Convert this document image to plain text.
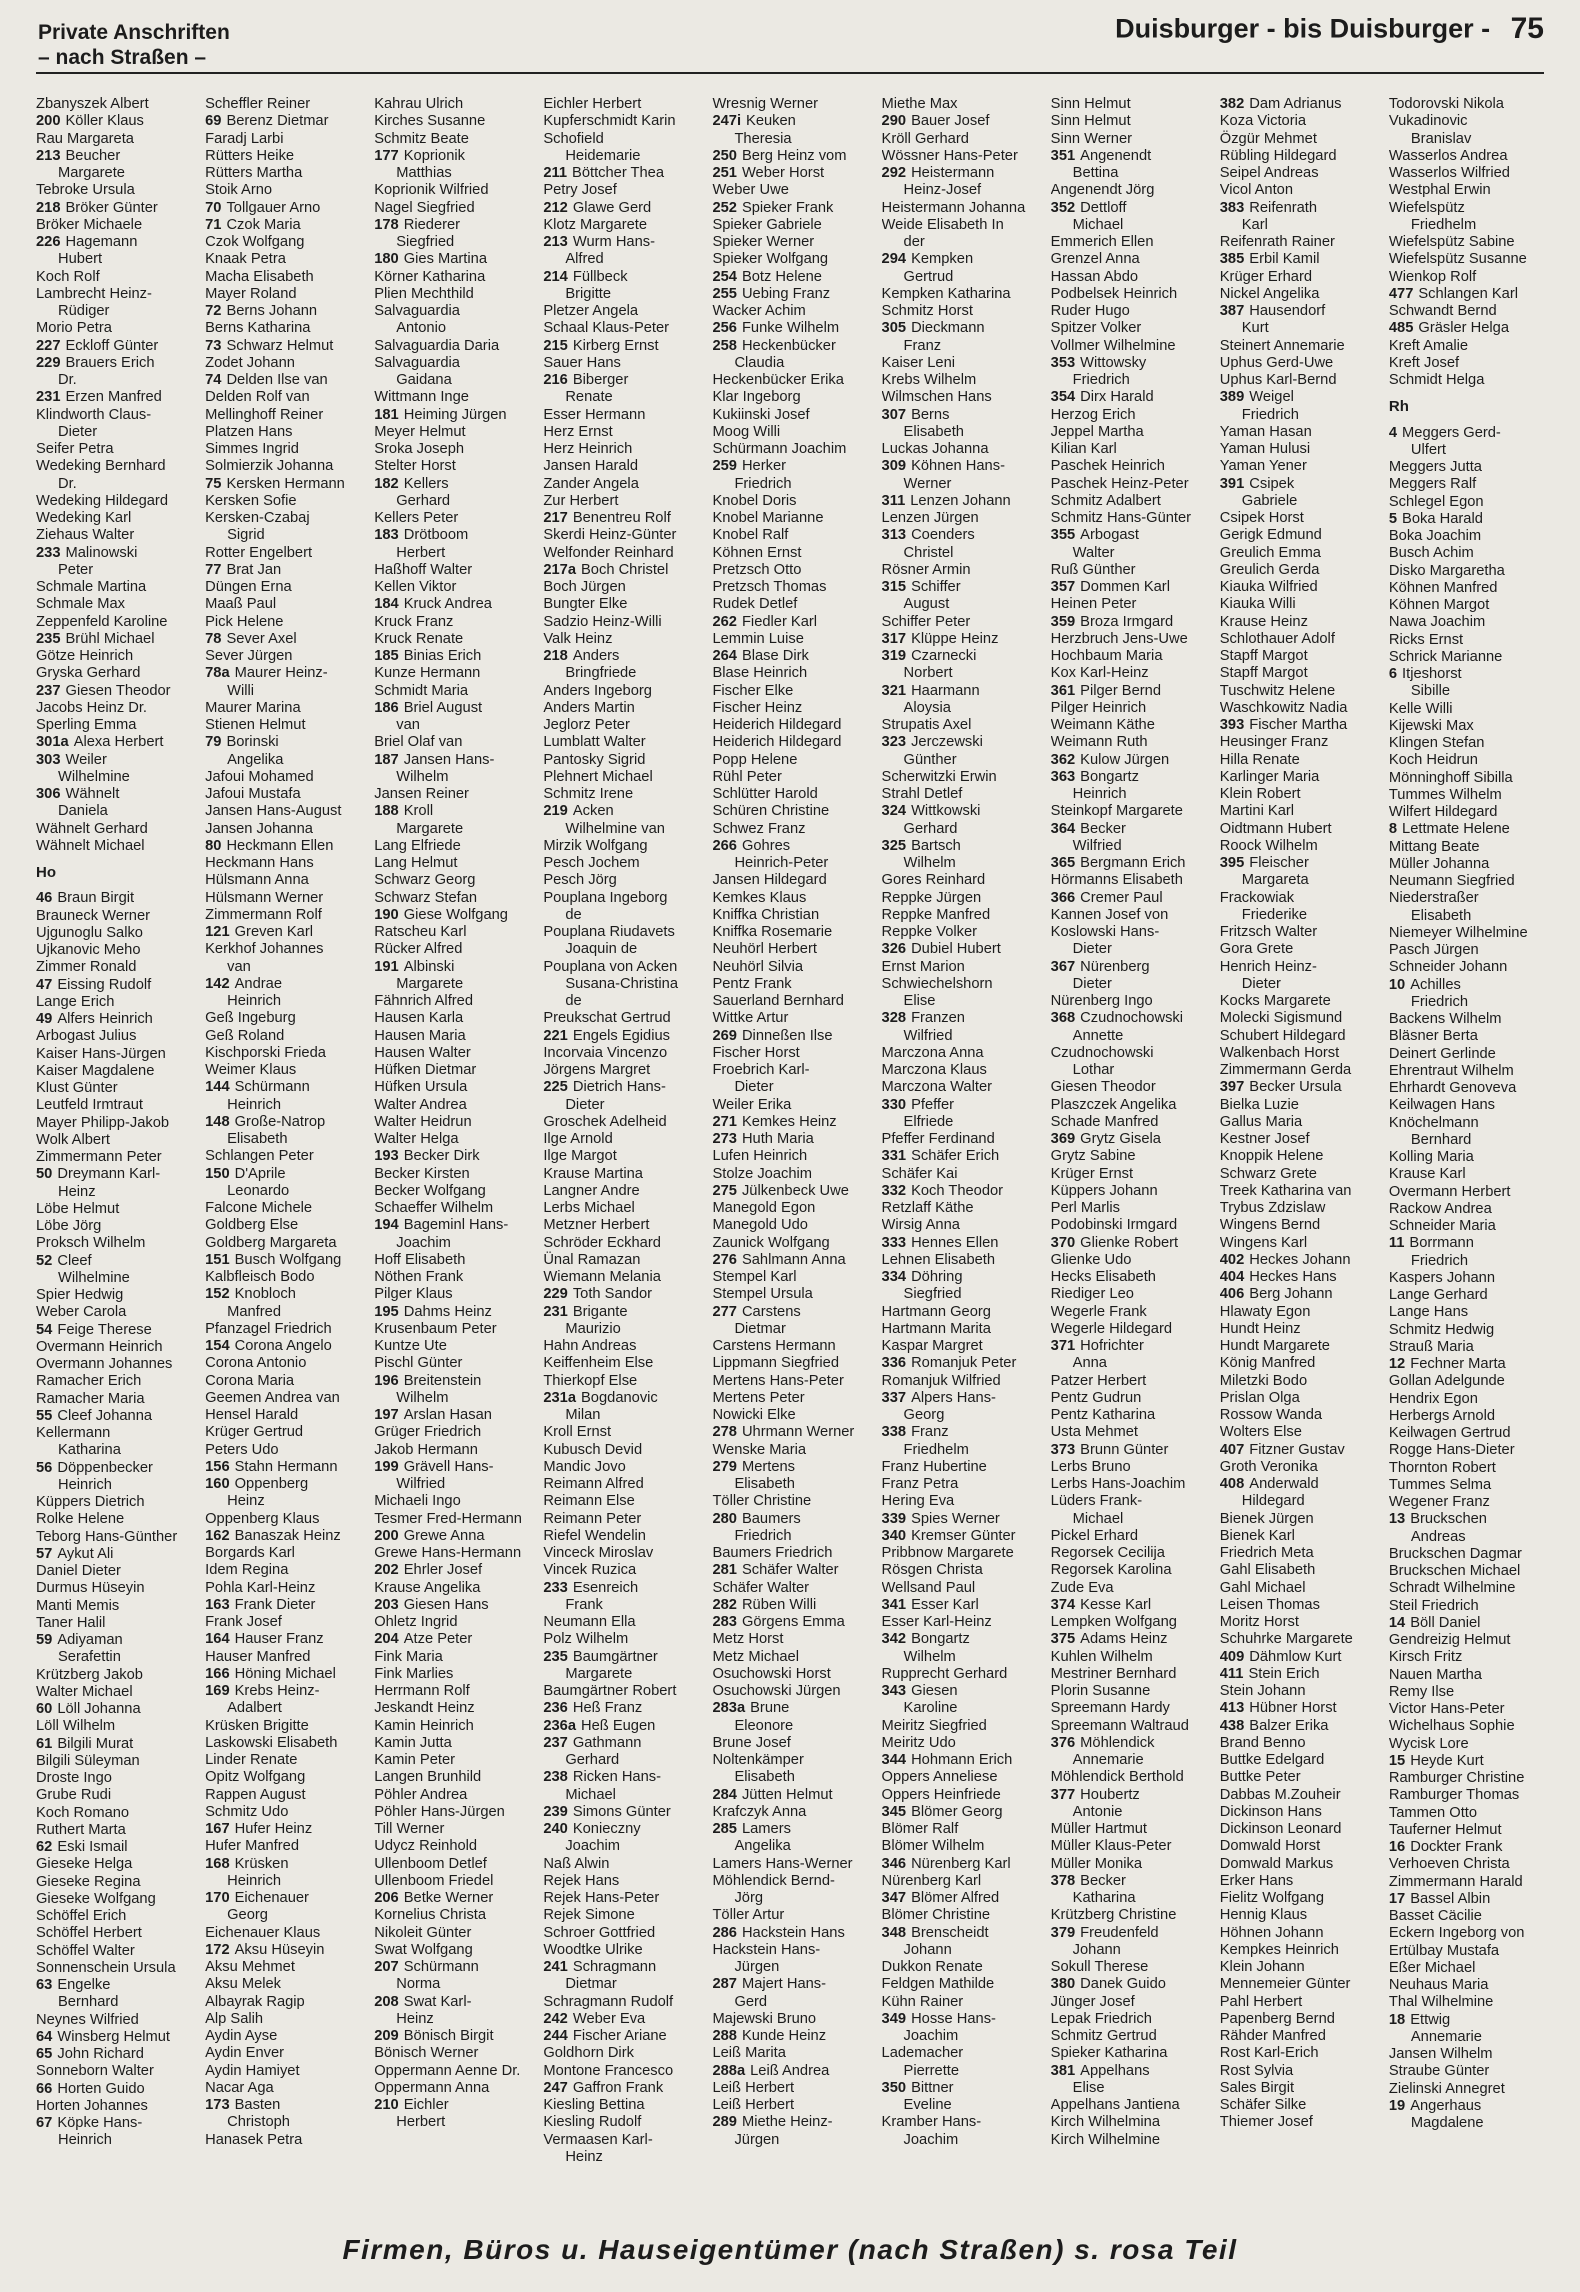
Private Anschriften
– nach Straßen –
Duisburger - bis Duisburger - 75
Zbanyszek Albert
200 Köller Klaus
Rau Margareta
213 Beucher
Margarete
Tebroke Ursula
218 Bröker Günter
Bröker Michaele
226 Hagemann
Hubert
Koch Rolf
Lambrecht Heinz-
Rüdiger
Morio Petra
227 Eckloff Günter
229 Brauers Erich
Dr.
231 Erzen Manfred
Klindworth Claus-
Dieter
Seifer Petra
Wedeking Bernhard
Dr.
Wedeking Hildegard
Wedeking Karl
Ziehaus Walter
233 Malinowski
Peter
Schmale Martina
Schmale Max
Zeppenfeld Karoline
235 Brühl Michael
Götze Heinrich
Gryska Gerhard
237 Giesen Theodor
Jacobs Heinz Dr.
Sperling Emma
301a Alexa Herbert
303 Weiler
Wilhelmine
306 Wähnelt
Daniela
Wähnelt Gerhard
Wähnelt Michael
Ho
46 Braun Birgit
Brauneck Werner
Ujgunoglu Salko
Ujkanovic Meho
Zimmer Ronald
47 Eissing Rudolf
Lange Erich
49 Alfers Heinrich
Arbogast Julius
Kaiser Hans-Jürgen
Kaiser Magdalene
Klust Günter
Leutfeld Irmtraut
Mayer Philipp-Jakob
Wolk Albert
Zimmermann Peter
50 Dreymann Karl-
Heinz
Löbe Helmut
Löbe Jörg
Proksch Wilhelm
52 Cleef
Wilhelmine
Spier Hedwig
Weber Carola
54 Feige Therese
Overmann Heinrich
Overmann Johannes
Ramacher Erich
Ramacher Maria
55 Cleef Johanna
Kellermann
Katharina
56 Döppenbecker
Heinrich
Küppers Dietrich
Rolke Helene
Teborg Hans-Günther
57 Aykut Ali
Daniel Dieter
Durmus Hüseyin
Manti Memis
Taner Halil
59 Adiyaman
Serafettin
Krützberg Jakob
Walter Michael
60 Löll Johanna
Löll Wilhelm
61 Bilgili Murat
Bilgili Süleyman
Droste Ingo
Grube Rudi
Koch Romano
Ruthert Marta
62 Eski Ismail
Gieseke Helga
Gieseke Regina
Gieseke Wolfgang
Schöffel Erich
Schöffel Herbert
Schöffel Walter
Sonnenschein Ursula
63 Engelke
Bernhard
Neynes Wilfried
64 Winsberg Helmut
65 John Richard
Sonneborn Walter
66 Horten Guido
Horten Johannes
67 Köpke Hans-
Heinrich
Scheffler Reiner
69 Berenz Dietmar
Faradj Larbi
Rütters Heike
Rütters Martha
Stoik Arno
70 Tollgauer Arno
71 Czok Maria
Czok Wolfgang
Knaak Petra
Macha Elisabeth
Mayer Roland
72 Berns Johann
Berns Katharina
73 Schwarz Helmut
Zodet Johann
74 Delden Ilse van
Delden Rolf van
Mellinghoff Reiner
Platzen Hans
Simmes Ingrid
Solmierzik Johanna
75 Kersken Hermann
Kersken Sofie
Kersken-Czabaj
Sigrid
Rotter Engelbert
77 Brat Jan
Düngen Erna
Maaß Paul
Pick Helene
78 Sever Axel
Sever Jürgen
78a Maurer Heinz-
Willi
Maurer Marina
Stienen Helmut
79 Borinski
Angelika
Jafoui Mohamed
Jafoui Mustafa
Jansen Hans-August
Jansen Johanna
80 Heckmann Ellen
Heckmann Hans
Hülsmann Anna
Hülsmann Werner
Zimmermann Rolf
121 Greven Karl
Kerkhof Johannes
van
142 Andrae
Heinrich
Geß Ingeburg
Geß Roland
Kischporski Frieda
Weimer Klaus
144 Schürmann
Heinrich
148 Große-Natrop
Elisabeth
Schlangen Peter
150 D'Aprile
Leonardo
Falcone Michele
Goldberg Else
Goldberg Margareta
151 Busch Wolfgang
Kalbfleisch Bodo
152 Knobloch
Manfred
Pfanzagel Friedrich
154 Corona Angelo
Corona Antonio
Corona Maria
Geemen Andrea van
Hensel Harald
Krüger Gertrud
Peters Udo
156 Stahn Hermann
160 Oppenberg
Heinz
Oppenberg Klaus
162 Banaszak Heinz
Borgards Karl
Idem Regina
Pohla Karl-Heinz
163 Frank Dieter
Frank Josef
164 Hauser Franz
Hauser Manfred
166 Höning Michael
169 Krebs Heinz-
Adalbert
Krüsken Brigitte
Laskowski Elisabeth
Linder Renate
Opitz Wolfgang
Rappen August
Schmitz Udo
167 Hufer Heinz
Hufer Manfred
168 Krüsken
Heinrich
170 Eichenauer
Georg
Eichenauer Klaus
172 Aksu Hüseyin
Aksu Mehmet
Aksu Melek
Albayrak Ragip
Alp Salih
Aydin Ayse
Aydin Enver
Aydin Hamiyet
Nacar Aga
173 Basten
Christoph
Hanasek Petra
Kahrau Ulrich
Kirches Susanne
Schmitz Beate
177 Koprionik
Matthias
Koprionik Wilfried
Nagel Siegfried
178 Riederer
Siegfried
180 Gies Martina
Körner Katharina
Plien Mechthild
Salvaguardia
Antonio
Salvaguardia Daria
Salvaguardia
Gaidana
Wittmann Inge
181 Heiming Jürgen
Meyer Helmut
Sroka Joseph
Stelter Horst
182 Kellers
Gerhard
Kellers Peter
183 Drötboom
Herbert
Haßhoff Walter
Kellen Viktor
184 Kruck Andrea
Kruck Franz
Kruck Renate
185 Binias Erich
Kunze Hermann
Schmidt Maria
186 Briel August
van
Briel Olaf van
187 Jansen Hans-
Wilhelm
Jansen Reiner
188 Kroll
Margarete
Lang Elfriede
Lang Helmut
Schwarz Georg
Schwarz Stefan
190 Giese Wolfgang
Ratscheu Karl
Rücker Alfred
191 Albinski
Margarete
Fähnrich Alfred
Hausen Karla
Hausen Maria
Hausen Walter
Hüfken Dietmar
Hüfken Ursula
Walter Andrea
Walter Heidrun
Walter Helga
193 Becker Dirk
Becker Kirsten
Becker Wolfgang
Schaeffer Wilhelm
194 Bageminl Hans-
Joachim
Hoff Elisabeth
Nöthen Frank
Pilger Klaus
195 Dahms Heinz
Krusenbaum Peter
Kuntze Ute
Pischl Günter
196 Breitenstein
Wilhelm
197 Arslan Hasan
Grüger Friedrich
Jakob Hermann
199 Grävell Hans-
Wilfried
Michaeli Ingo
Tesmer Fred-Hermann
200 Grewe Anna
Grewe Hans-Hermann
202 Ehrler Josef
Krause Angelika
203 Giesen Hans
Ohletz Ingrid
204 Atze Peter
Fink Maria
Fink Marlies
Herrmann Rolf
Jeskandt Heinz
Kamin Heinrich
Kamin Jutta
Kamin Peter
Langen Brunhild
Pöhler Andrea
Pöhler Hans-Jürgen
Till Werner
Udycz Reinhold
Ullenboom Detlef
Ullenboom Friedel
206 Betke Werner
Kornelius Christa
Nikoleit Günter
Swat Wolfgang
207 Schürmann
Norma
208 Swat Karl-
Heinz
209 Bönisch Birgit
Bönisch Werner
Oppermann Aenne Dr.
Oppermann Anna
210 Eichler
Herbert
Eichler Herbert
Kupferschmidt Karin
Schofield
Heidemarie
211 Böttcher Thea
Petry Josef
212 Glawe Gerd
Klotz Margarete
213 Wurm Hans-
Alfred
214 Füllbeck
Brigitte
Pletzer Angela
Schaal Klaus-Peter
215 Kirberg Ernst
Sauer Hans
216 Biberger
Renate
Esser Hermann
Herz Ernst
Herz Heinrich
Jansen Harald
Zander Angela
Zur Herbert
217 Benentreu Rolf
Skerdi Heinz-Günter
Welfonder Reinhard
217a Boch Christel
Boch Jürgen
Bungter Elke
Sadzio Heinz-Willi
Valk Heinz
218 Anders
Bringfriede
Anders Ingeborg
Anders Martin
Jeglorz Peter
Lumblatt Walter
Pantosky Sigrid
Plehnert Michael
Schmitz Irene
219 Acken
Wilhelmine van
Mirzik Wolfgang
Pesch Jochem
Pesch Jörg
Pouplana Ingeborg
de
Pouplana Riudavets
Joaquin de
Pouplana von Acken
Susana-Christina
de
Preukschat Gertrud
221 Engels Egidius
Incorvaia Vincenzo
Jörgens Margret
225 Dietrich Hans-
Dieter
Groschek Adelheid
Ilge Arnold
Ilge Margot
Krause Martina
Langner Andre
Lerbs Michael
Metzner Herbert
Schröder Eckhard
Ünal Ramazan
Wiemann Melania
229 Toth Sandor
231 Brigante
Maurizio
Hahn Andreas
Keiffenheim Else
Thierkopf Else
231a Bogdanovic
Milan
Kroll Ernst
Kubusch Devid
Mandic Jovo
Reimann Alfred
Reimann Else
Reimann Peter
Riefel Wendelin
Vinceck Miroslav
Vincek Ruzica
233 Esenreich
Frank
Neumann Ella
Polz Wilhelm
235 Baumgärtner
Margarete
Baumgärtner Robert
236 Heß Franz
236a Heß Eugen
237 Gathmann
Gerhard
238 Ricken Hans-
Michael
239 Simons Günter
240 Konieczny
Joachim
Naß Alwin
Rejek Hans
Rejek Hans-Peter
Rejek Simone
Schroer Gottfried
Woodtke Ulrike
241 Schragmann
Dietmar
Schragmann Rudolf
242 Weber Eva
244 Fischer Ariane
Goldhorn Dirk
Montone Francesco
247 Gaffron Frank
Kiesling Bettina
Kiesling Rudolf
Vermaasen Karl-
Heinz
Wresnig Werner
247i Keuken
Theresia
250 Berg Heinz vom
251 Weber Horst
Weber Uwe
252 Spieker Frank
Spieker Gabriele
Spieker Werner
Spieker Wolfgang
254 Botz Helene
255 Uebing Franz
Wacker Achim
256 Funke Wilhelm
258 Heckenbücker
Claudia
Heckenbücker Erika
Klar Ingeborg
Kukiinski Josef
Moog Willi
Schürmann Joachim
259 Herker
Friedrich
Knobel Doris
Knobel Marianne
Knobel Ralf
Köhnen Ernst
Pretzsch Otto
Pretzsch Thomas
Rudek Detlef
262 Fiedler Karl
Lemmin Luise
264 Blase Dirk
Blase Heinrich
Fischer Elke
Fischer Heinz
Heiderich Hildegard
Heiderich Hildegard
Popp Helene
Rühl Peter
Schlütter Harold
Schüren Christine
Schwez Franz
266 Gohres
Heinrich-Peter
Jansen Hildegard
Kemkes Klaus
Kniffka Christian
Kniffka Rosemarie
Neuhörl Herbert
Neuhörl Silvia
Pentz Frank
Sauerland Bernhard
Wittke Artur
269 Dinneßen Ilse
Fischer Horst
Froebrich Karl-
Dieter
Weiler Erika
271 Kemkes Heinz
273 Huth Maria
Lufen Heinrich
Stolze Joachim
275 Jülkenbeck Uwe
Manegold Egon
Manegold Udo
Zaunick Wolfgang
276 Sahlmann Anna
Stempel Karl
Stempel Ursula
277 Carstens
Dietmar
Carstens Hermann
Lippmann Siegfried
Mertens Hans-Peter
Mertens Peter
Nowicki Elke
278 Uhrmann Werner
Wenske Maria
279 Mertens
Elisabeth
Töller Christine
280 Baumers
Friedrich
Baumers Friedrich
281 Schäfer Walter
Schäfer Walter
282 Rüben Willi
283 Görgens Emma
Metz Horst
Metz Michael
Osuchowski Horst
Osuchowski Jürgen
283a Brune
Eleonore
Brune Josef
Noltenkämper
Elisabeth
284 Jütten Helmut
Krafczyk Anna
285 Lamers
Angelika
Lamers Hans-Werner
Möhlendick Bernd-
Jörg
Töller Artur
286 Hackstein Hans
Hackstein Hans-
Jürgen
287 Majert Hans-
Gerd
Majewski Bruno
288 Kunde Heinz
Leiß Marita
288a Leiß Andrea
Leiß Herbert
Leiß Herbert
289 Miethe Heinz-
Jürgen
Miethe Max
290 Bauer Josef
Kröll Gerhard
Wössner Hans-Peter
292 Heistermann
Heinz-Josef
Heistermann Johanna
Weide Elisabeth In
der
294 Kempken
Gertrud
Kempken Katharina
Schmitz Horst
305 Dieckmann
Franz
Kaiser Leni
Krebs Wilhelm
Wilmschen Hans
307 Berns
Elisabeth
Luckas Johanna
309 Köhnen Hans-
Werner
311 Lenzen Johann
Lenzen Jürgen
313 Coenders
Christel
Rösner Armin
315 Schiffer
August
Schiffer Peter
317 Klüppe Heinz
319 Czarnecki
Norbert
321 Haarmann
Aloysia
Strupatis Axel
323 Jerczewski
Günther
Scherwitzki Erwin
Strahl Detlef
324 Wittkowski
Gerhard
325 Bartsch
Wilhelm
Gores Reinhard
Reppke Jürgen
Reppke Manfred
Reppke Volker
326 Dubiel Hubert
Ernst Marion
Schwiechelshorn
Elise
328 Franzen
Wilfried
Marczona Anna
Marczona Klaus
Marczona Walter
330 Pfeffer
Elfriede
Pfeffer Ferdinand
331 Schäfer Erich
Schäfer Kai
332 Koch Theodor
Retzlaff Käthe
Wirsig Anna
333 Hennes Ellen
Lehnen Elisabeth
334 Döhring
Siegfried
Hartmann Georg
Hartmann Marita
Kaspar Margret
336 Romanjuk Peter
Romanjuk Wilfried
337 Alpers Hans-
Georg
338 Franz
Friedhelm
Franz Hubertine
Franz Petra
Hering Eva
339 Spies Werner
340 Kremser Günter
Pribbnow Margarete
Rösgen Christa
Wellsand Paul
341 Esser Karl
Esser Karl-Heinz
342 Bongartz
Wilhelm
Rupprecht Gerhard
343 Giesen
Karoline
Meiritz Siegfried
Meiritz Udo
344 Hohmann Erich
Oppers Anneliese
Oppers Heinfriede
345 Blömer Georg
Blömer Ralf
Blömer Wilhelm
346 Nürenberg Karl
Nürenberg Karl
347 Blömer Alfred
Blömer Christine
348 Brenscheidt
Johann
Dukkon Renate
Feldgen Mathilde
Kühn Rainer
349 Hosse Hans-
Joachim
Lademacher
Pierrette
350 Bittner
Eveline
Kramber Hans-
Joachim
Sinn Helmut
Sinn Helmut
Sinn Werner
351 Angenendt
Bettina
Angenendt Jörg
352 Dettloff
Michael
Emmerich Ellen
Grenzel Anna
Hassan Abdo
Podbelsek Heinrich
Ruder Hugo
Spitzer Volker
Vollmer Wilhelmine
353 Wittowsky
Friedrich
354 Dirx Harald
Herzog Erich
Jeppel Martha
Kilian Karl
Paschek Heinrich
Paschek Heinz-Peter
Schmitz Adalbert
Schmitz Hans-Günter
355 Arbogast
Walter
Ruß Günther
357 Dommen Karl
Heinen Peter
359 Broza Irmgard
Herzbruch Jens-Uwe
Hochbaum Maria
Kox Karl-Heinz
361 Pilger Bernd
Pilger Heinrich
Weimann Käthe
Weimann Ruth
362 Kulow Jürgen
363 Bongartz
Heinrich
Steinkopf Margarete
364 Becker
Wilfried
365 Bergmann Erich
Hörmanns Elisabeth
366 Cremer Paul
Kannen Josef von
Koslowski Hans-
Dieter
367 Nürenberg
Dieter
Nürenberg Ingo
368 Czudnochowski
Annette
Czudnochowski
Lothar
Giesen Theodor
Plaszczek Angelika
Schade Manfred
369 Grytz Gisela
Grytz Sabine
Krüger Ernst
Küppers Johann
Perl Marlis
Podobinski Irmgard
370 Glienke Robert
Glienke Udo
Hecks Elisabeth
Riediger Leo
Wegerle Frank
Wegerle Hildegard
371 Hofrichter
Anna
Patzer Herbert
Pentz Gudrun
Pentz Katharina
Usta Mehmet
373 Brunn Günter
Lerbs Bruno
Lerbs Hans-Joachim
Lüders Frank-
Michael
Pickel Erhard
Regorsek Cecilija
Regorsek Karolina
Zude Eva
374 Kesse Karl
Lempken Wolfgang
375 Adams Heinz
Kuhlen Wilhelm
Mestriner Bernhard
Plorin Susanne
Spreemann Hardy
Spreemann Waltraud
376 Möhlendick
Annemarie
Möhlendick Berthold
377 Houbertz
Antonie
Müller Hartmut
Müller Klaus-Peter
Müller Monika
378 Becker
Katharina
Krützberg Christine
379 Freudenfeld
Johann
Sokull Therese
380 Danek Guido
Jünger Josef
Lepak Friedrich
Schmitz Gertrud
Spieker Katharina
381 Appelhans
Elise
Appelhans Jantiena
Kirch Wilhelmina
Kirch Wilhelmine
382 Dam Adrianus
Koza Victoria
Özgür Mehmet
Rübling Hildegard
Seipel Andreas
Vicol Anton
383 Reifenrath
Karl
Reifenrath Rainer
385 Erbil Kamil
Krüger Erhard
Nickel Angelika
387 Hausendorf
Kurt
Steinert Annemarie
Uphus Gerd-Uwe
Uphus Karl-Bernd
389 Weigel
Friedrich
Yaman Hasan
Yaman Hulusi
Yaman Yener
391 Csipek
Gabriele
Csipek Horst
Gerigk Edmund
Greulich Emma
Greulich Gerda
Kiauka Wilfried
Kiauka Willi
Krause Heinz
Schlothauer Adolf
Stapff Margot
Stapff Margot
Tuschwitz Helene
Waschkowitz Nadia
393 Fischer Martha
Heusinger Franz
Hilla Renate
Karlinger Maria
Klein Robert
Martini Karl
Oidtmann Hubert
Roock Wilhelm
395 Fleischer
Margareta
Frackowiak
Friederike
Fritzsch Walter
Gora Grete
Henrich Heinz-
Dieter
Kocks Margarete
Molecki Sigismund
Schubert Hildegard
Walkenbach Horst
Zimmermann Gerda
397 Becker Ursula
Bielka Luzie
Gallus Maria
Kestner Josef
Knoppik Helene
Schwarz Grete
Treek Katharina van
Trybus Zdzislaw
Wingens Bernd
Wingens Karl
402 Heckes Johann
404 Heckes Hans
406 Berg Johann
Hlawaty Egon
Hundt Heinz
Hundt Margarete
König Manfred
Miletzki Bodo
Prislan Olga
Rossow Wanda
Wolters Else
407 Fitzner Gustav
Groth Veronika
408 Anderwald
Hildegard
Bienek Jürgen
Bienek Karl
Friedrich Meta
Gahl Elisabeth
Gahl Michael
Leisen Thomas
Moritz Horst
Schuhrke Margarete
409 Dähmlow Kurt
411 Stein Erich
Stein Johann
413 Hübner Horst
438 Balzer Erika
Brand Benno
Buttke Edelgard
Buttke Peter
Dabbas M.Zouheir
Dickinson Hans
Dickinson Leonard
Domwald Horst
Domwald Markus
Erker Hans
Fielitz Wolfgang
Hennig Klaus
Höhnen Johann
Kempkes Heinrich
Klein Johann
Mennemeier Günter
Pahl Herbert
Papenberg Bernd
Rähder Manfred
Rost Karl-Erich
Rost Sylvia
Sales Birgit
Schäfer Silke
Thiemer Josef
Todorovski Nikola
Vukadinovic
Branislav
Wasserlos Andrea
Wasserlos Wilfried
Westphal Erwin
Wiefelspütz
Friedhelm
Wiefelspütz Sabine
Wiefelspütz Susanne
Wienkop Rolf
477 Schlangen Karl
Schwandt Bernd
485 Gräsler Helga
Kreft Amalie
Kreft Josef
Schmidt Helga
Rh
4 Meggers Gerd-
Ulfert
Meggers Jutta
Meggers Ralf
Schlegel Egon
5 Boka Harald
Boka Joachim
Busch Achim
Disko Margaretha
Köhnen Manfred
Köhnen Margot
Nawa Joachim
Ricks Ernst
Schrick Marianne
6 Itjeshorst
Sibille
Kelle Willi
Kijewski Max
Klingen Stefan
Koch Heidrun
Mönninghoff Sibilla
Tummes Wilhelm
Wilfert Hildegard
8 Lettmate Helene
Mittang Beate
Müller Johanna
Neumann Siegfried
Niederstraßer
Elisabeth
Niemeyer Wilhelmine
Pasch Jürgen
Schneider Johann
10 Achilles
Friedrich
Backens Wilhelm
Bläsner Berta
Deinert Gerlinde
Ehrentraut Wilhelm
Ehrhardt Genoveva
Keilwagen Hans
Knöchelmann
Bernhard
Kolling Maria
Krause Karl
Overmann Herbert
Rackow Andrea
Schneider Maria
11 Borrmann
Friedrich
Kaspers Johann
Lange Gerhard
Lange Hans
Schmitz Hedwig
Strauß Maria
12 Fechner Marta
Gollan Adelgunde
Hendrix Egon
Herbergs Arnold
Keilwagen Gertrud
Rogge Hans-Dieter
Thornton Robert
Tummes Selma
Wegener Franz
13 Bruckschen
Andreas
Bruckschen Dagmar
Bruckschen Michael
Schradt Wilhelmine
Steil Friedrich
14 Böll Daniel
Gendreizig Helmut
Kirsch Fritz
Nauen Martha
Remy Ilse
Victor Hans-Peter
Wichelhaus Sophie
Wycisk Lore
15 Heyde Kurt
Ramburger Christine
Ramburger Thomas
Tammen Otto
Tauferner Helmut
16 Dockter Frank
Verhoeven Christa
Zimmermann Harald
17 Bassel Albin
Basset Cäcilie
Eckern Ingeborg von
Ertülbay Mustafa
Eßer Michael
Neuhaus Maria
Thal Wilhelmine
18 Ettwig
Annemarie
Jansen Wilhelm
Straube Günter
Zielinski Annegret
19 Angerhaus
Magdalene
Firmen, Büros u. Hauseigentümer (nach Straßen) s. rosa Teil
